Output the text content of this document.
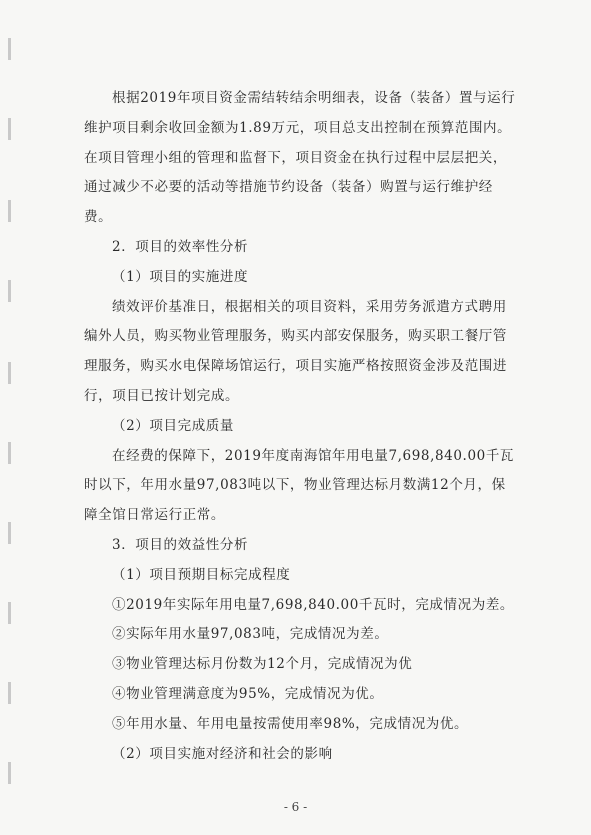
根据2019年项目资金需结转结余明细表，设备（装备）置与运行维护项目剩余收回金额为1.89万元，项目总支出控制在预算范围内。在项目管理小组的管理和监督下，项目资金在执行过程中层层把关，通过减少不必要的活动等措施节约设备（装备）购置与运行维护经费。

2．项目的效率性分析

（1）项目的实施进度

绩效评价基准日，根据相关的项目资料，采用劳务派遣方式聘用编外人员，购买物业管理服务，购买内部安保服务，购买职工餐厅管理服务，购买水电保障场馆运行，项目实施严格按照资金涉及范围进行，项目已按计划完成。

（2）项目完成质量

在经费的保障下，2019年度南海馆年用电量7,698,840.00千瓦时以下，年用水量97,083吨以下，物业管理达标月数满12个月，保障全馆日常运行正常。

3．项目的效益性分析

（1）项目预期目标完成程度

①2019年实际年用电量7,698,840.00千瓦时，完成情况为差。

②实际年用水量97,083吨，完成情况为差。

③物业管理达标月份数为12个月，完成情况为优

④物业管理满意度为95%，完成情况为优。

⑤年用水量、年用电量按需使用率98%，完成情况为优。

（2）项目实施对经济和社会的影响

- 6 -
